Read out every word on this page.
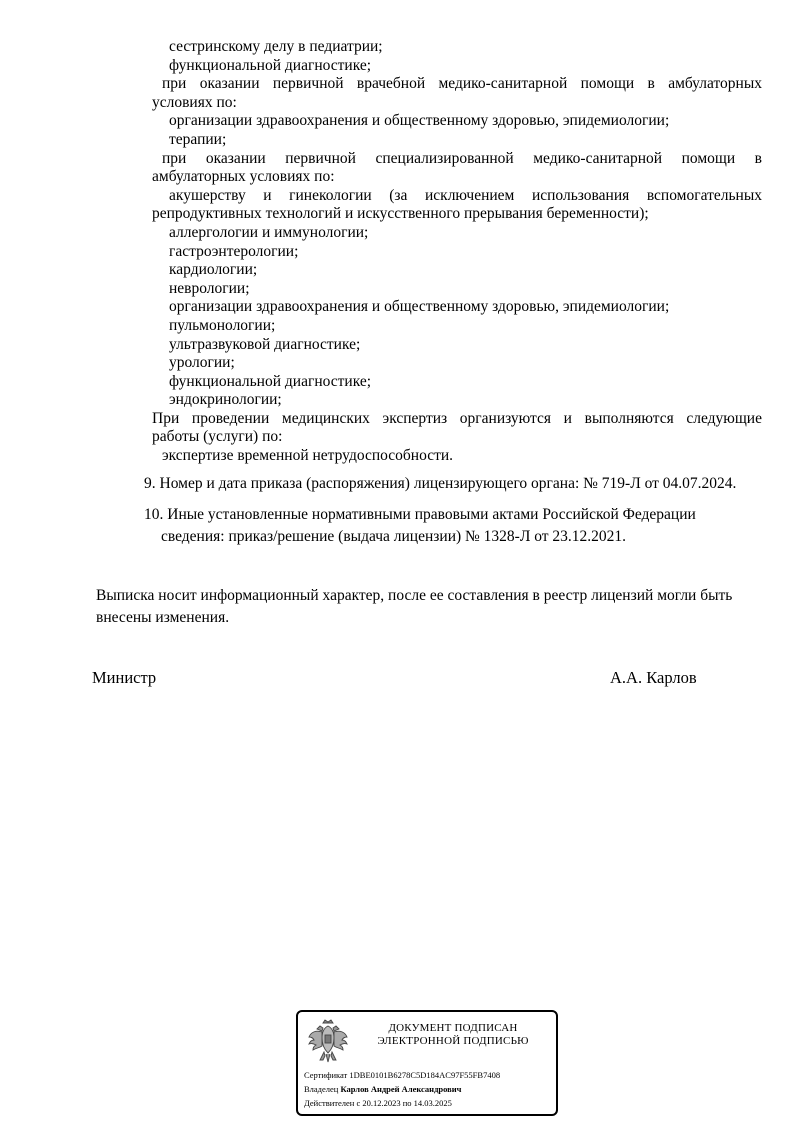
сестринскому делу в педиатрии;
функциональной диагностике;
при оказании первичной врачебной медико-санитарной помощи в амбулаторных
условиях по:
организации здравоохранения и общественному здоровью, эпидемиологии;
терапии;
при оказании первичной специализированной медико-санитарной помощи в
амбулаторных условиях по:
акушерству и гинекологии (за исключением использования вспомогательных
репродуктивных технологий и искусственного прерывания беременности);
аллергологии и иммунологии;
гастроэнтерологии;
кардиологии;
неврологии;
организации здравоохранения и общественному здоровью, эпидемиологии;
пульмонологии;
ультразвуковой диагностике;
урологии;
функциональной диагностике;
эндокринологии;
При проведении медицинских экспертиз организуются и выполняются следующие
работы (услуги) по:
экспертизе временной нетрудоспособности.
9. Номер и дата приказа (распоряжения) лицензирующего органа: № 719-Л от 04.07.2024.
10. Иные установленные нормативными правовыми актами Российской Федерации
сведения: приказ/решение (выдача лицензии) № 1328-Л от 23.12.2021.
Выписка носит информационный характер, после ее составления в реестр лицензий могли быть внесены изменения.
Министр	А.А. Карлов
ДОКУМЕНТ ПОДПИСАН
ЭЛЕКТРОННОЙ ПОДПИСЬЮ
Сертификат 1DBE0101B6278C5D184AC97F55FB7408
Владелец Карлов Андрей Александрович
Действителен с 20.12.2023 по 14.03.2025
